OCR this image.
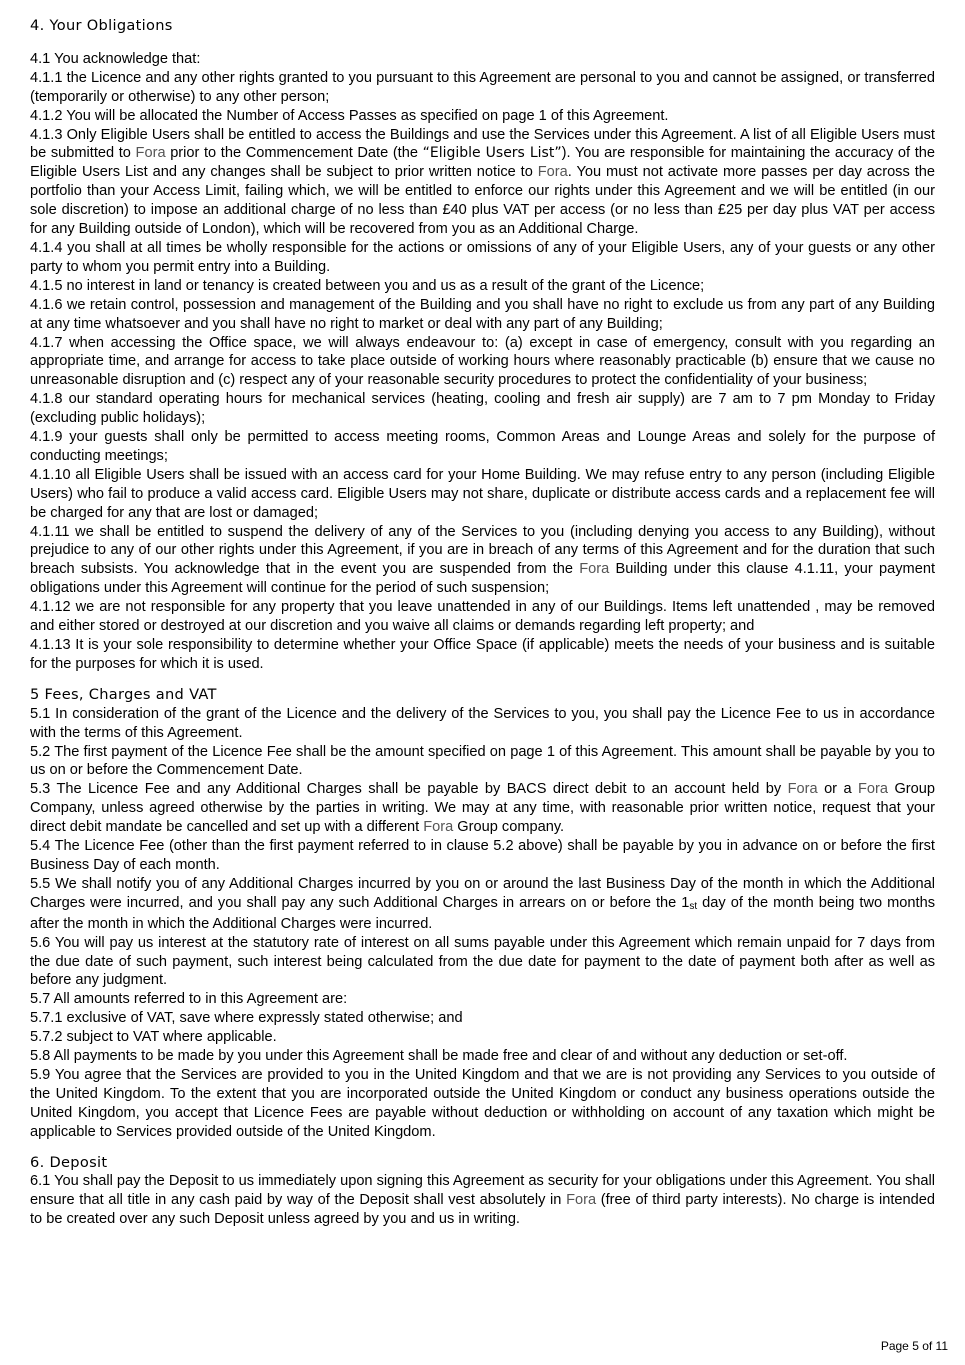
4. Your Obligations

4.1 You acknowledge that:

4.1.1 the Licence and any other rights granted to you pursuant to this Agreement are personal to you and cannot be assigned, or transferred (temporarily or otherwise) to any other person;

4.1.2 You will be allocated the Number of Access Passes as specified on page 1 of this Agreement.

4.1.3 Only Eligible Users shall be entitled to access the Buildings and use the Services under this Agreement. A list of all Eligible Users must be submitted to Fora prior to the Commencement Date (the “Eligible Users List”). You are responsible for maintaining the accuracy of the Eligible Users List and any changes shall be subject to prior written notice to Fora. You must not activate more passes per day across the portfolio than your Access Limit, failing which, we will be entitled to enforce our rights under this Agreement and we will be entitled (in our sole discretion) to impose an additional charge of no less than £40 plus VAT per access (or no less than £25 per day plus VAT per access for any Building outside of London), which will be recovered from you as an Additional Charge.

4.1.4 you shall at all times be wholly responsible for the actions or omissions of any of your Eligible Users, any of your guests or any other party to whom you permit entry into a Building.

4.1.5 no interest in land or tenancy is created between you and us as a result of the grant of the Licence;

4.1.6 we retain control, possession and management of the Building and you shall have no right to exclude us from any part of any Building at any time whatsoever and you shall have no right to market or deal with any part of any Building;

4.1.7 when accessing the Office space, we will always endeavour to: (a) except in case of emergency, consult with you regarding an appropriate time, and arrange for access to take place outside of working hours where reasonably practicable (b) ensure that we cause no unreasonable disruption and (c) respect any of your reasonable security procedures to protect the confidentiality of your business;

4.1.8 our standard operating hours for mechanical services (heating, cooling and fresh air supply) are 7 am to 7 pm Monday to Friday (excluding public holidays);

4.1.9 your guests shall only be permitted to access meeting rooms, Common Areas and Lounge Areas and solely for the purpose of conducting meetings;

4.1.10 all Eligible Users shall be issued with an access card for your Home Building. We may refuse entry to any person (including Eligible Users) who fail to produce a valid access card. Eligible Users may not share, duplicate or distribute access cards and a replacement fee will be charged for any that are lost or damaged;

4.1.11 we shall be entitled to suspend the delivery of any of the Services to you (including denying you access to any Building), without prejudice to any of our other rights under this Agreement, if you are in breach of any terms of this Agreement and for the duration that such breach subsists. You acknowledge that in the event you are suspended from the Fora Building under this clause 4.1.11, your payment obligations under this Agreement will continue for the period of such suspension;

4.1.12 we are not responsible for any property that you leave unattended in any of our Buildings. Items left unattended , may be removed and either stored or destroyed at our discretion and you waive all claims or demands regarding left property; and

4.1.13 It is your sole responsibility to determine whether your Office Space (if applicable) meets the needs of your business and is suitable for the purposes for which it is used.

5 Fees, Charges and VAT

5.1 In consideration of the grant of the Licence and the delivery of the Services to you, you shall pay the Licence Fee to us in accordance with the terms of this Agreement.

5.2 The first payment of the Licence Fee shall be the amount specified on page 1 of this Agreement. This amount shall be payable by you to us on or before the Commencement Date.

5.3 The Licence Fee and any Additional Charges shall be payable by BACS direct debit to an account held by Fora or a Fora Group Company, unless agreed otherwise by the parties in writing. We may at any time, with reasonable prior written notice, request that your direct debit mandate be cancelled and set up with a different Fora Group company.

5.4 The Licence Fee (other than the first payment referred to in clause 5.2 above) shall be payable by you in advance on or before the first Business Day of each month.

5.5 We shall notify you of any Additional Charges incurred by you on or around the last Business Day of the month in which the Additional Charges were incurred, and you shall pay any such Additional Charges in arrears on or before the 1st day of the month being two months after the month in which the Additional Charges were incurred.

5.6 You will pay us interest at the statutory rate of interest on all sums payable under this Agreement which remain unpaid for 7 days from the due date of such payment, such interest being calculated from the due date for payment to the date of payment both after as well as before any judgment.

5.7 All amounts referred to in this Agreement are:

5.7.1 exclusive of VAT, save where expressly stated otherwise; and

5.7.2 subject to VAT where applicable.

5.8 All payments to be made by you under this Agreement shall be made free and clear of and without any deduction or set-off.

5.9 You agree that the Services are provided to you in the United Kingdom and that we are is not providing any Services to you outside of the United Kingdom. To the extent that you are incorporated outside the United Kingdom or conduct any business operations outside the United Kingdom, you accept that Licence Fees are payable without deduction or withholding on account of any taxation which might be applicable to Services provided outside of the United Kingdom.

6. Deposit

6.1 You shall pay the Deposit to us immediately upon signing this Agreement as security for your obligations under this Agreement. You shall ensure that all title in any cash paid by way of the Deposit shall vest absolutely in Fora (free of third party interests). No charge is intended to be created over any such Deposit unless agreed by you and us in writing.

Page 5 of 11
